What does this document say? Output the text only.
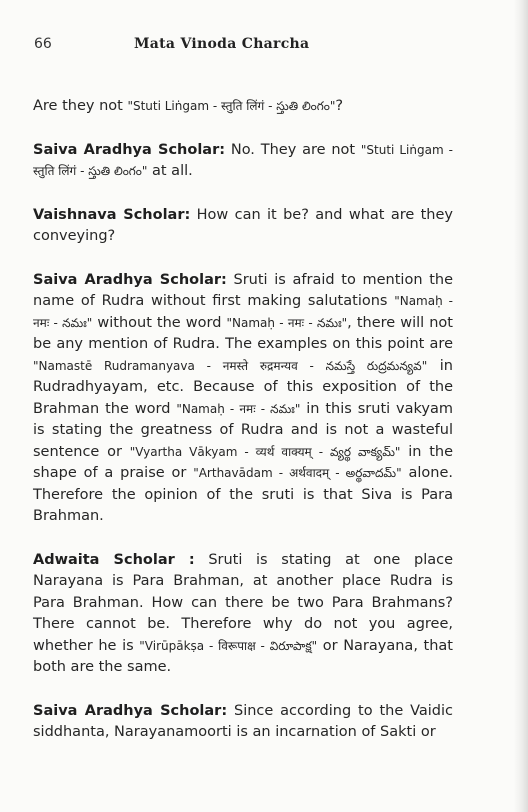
66	Mata Vinoda Charcha

Are they not "Stuti Liṅgam - स्तुति लिंगं - స్తుతి లింగం"?

Saiva Aradhya Scholar: No. They are not "Stuti Liṅgam - स्तुति लिंगं - స్తుతి లింగం" at all.

Vaishnava Scholar: How can it be? and what are they conveying?

Saiva Aradhya Scholar: Sruti is afraid to mention the name of Rudra without first making salutations "Namaḥ - नमः - నమః" without the word "Namaḥ - नमः - నమః", there will not be any mention of Rudra. The examples on this point are "Namastē Rudramanyava - नमस्ते रुद्रमन्यव - నమస్తే రుద్రమన్యవ" in Rudradhyayam, etc. Because of this exposition of the Brahman the word "Namaḥ - नमः - నమః" in this sruti vakyam is stating the greatness of Rudra and is not a wasteful sentence or "Vyartha Vākyam - व्यर्थ वाक्यम् - వ్యర్థ వాక్యమ్" in the shape of a praise or "Arthavādam - अर्थवादम् - అర్థవాదమ్" alone. Therefore the opinion of the sruti is that Siva is Para Brahman.

Adwaita Scholar : Sruti is stating at one place Narayana is Para Brahman, at another place Rudra is Para Brahman. How can there be two Para Brahmans? There cannot be. Therefore why do not you agree, whether he is "Virūpākṣa - विरूपाक्ष - విరూపాక్ష" or Narayana, that both are the same.

Saiva Aradhya Scholar: Since according to the Vaidic siddhanta, Narayanamoorti is an incarnation of Sakti or
